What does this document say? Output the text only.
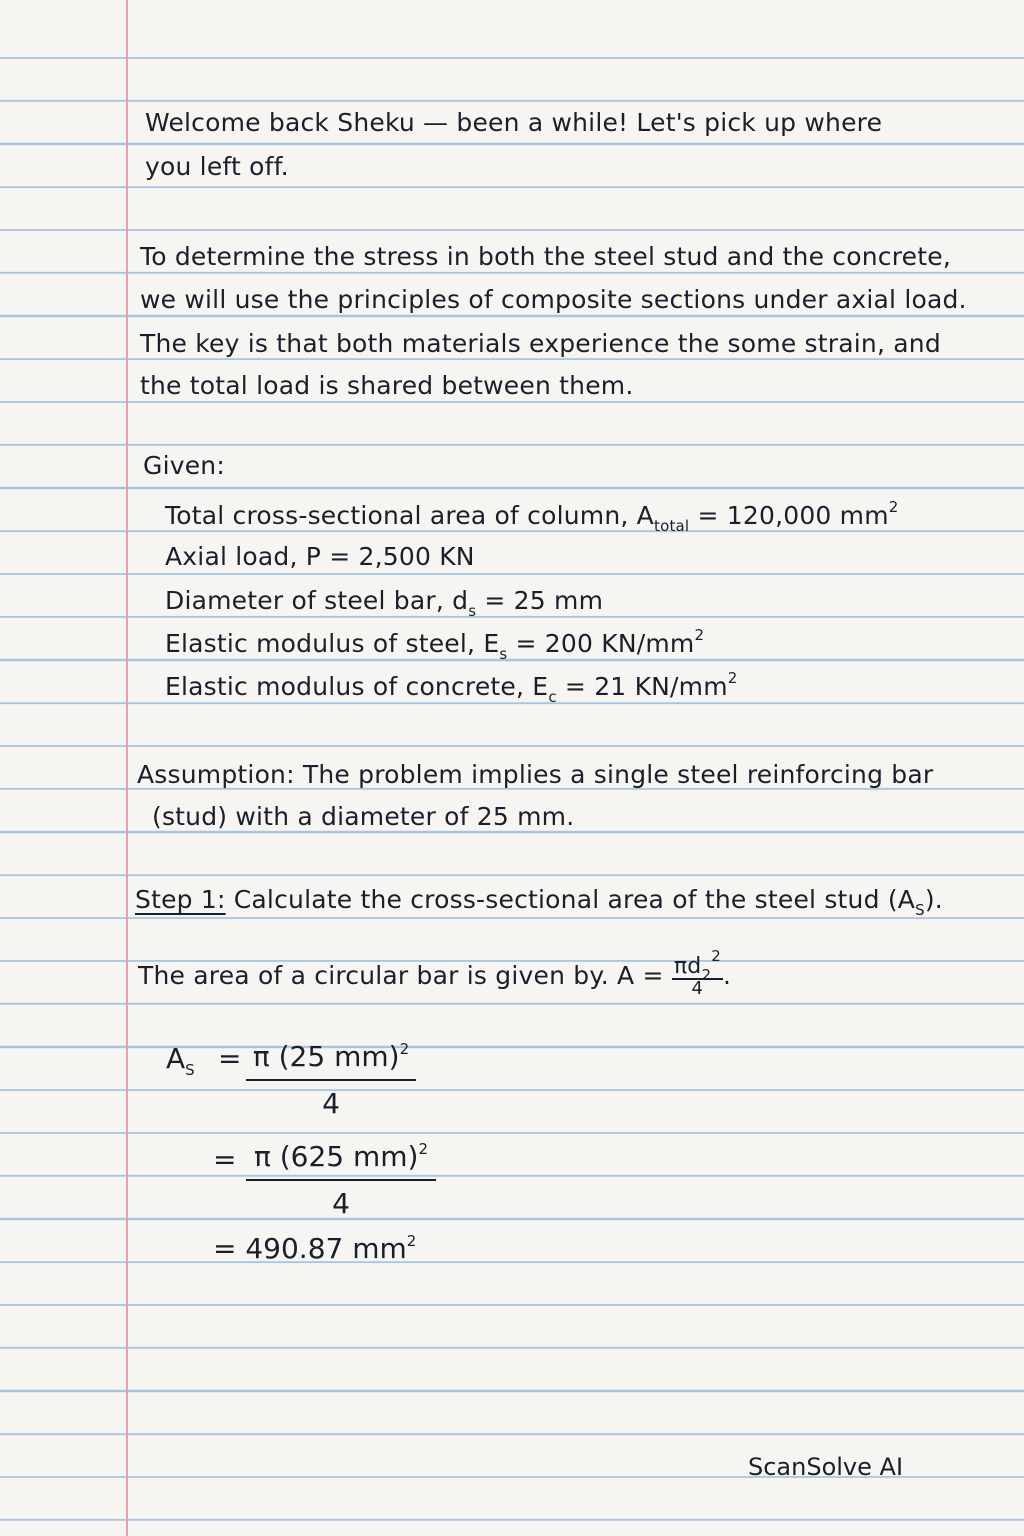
Welcome back Sheku — been a while! Let's pick up where
you left off.
To determine the stress in both the steel stud and the concrete,
we will use the principles of composite sections under axial load.
The key is that both materials experience the some strain, and
the total load is shared between them.
Given:
Total cross-sectional area of column, $A_{total} = 120,000$ $mm^2$
Axial load, P = 2,500 KN
Diameter of steel bar, $d_s = 25$ mm
Elastic modulus of steel, $E_s = 200$ $KN/mm^2$
Elastic modulus of concrete, $E_c = 21$ $KN/mm^2$
Assumption: The problem implies a single steel reinforcing bar
(stud) with a diameter of 25 mm.
Step 1: Calculate the cross-sectional area of the steel stud $(A_S)$.
The area of a circular bar is given by. $A = \frac{\pi d_2^2}{4}$ .
$A_S = \pi$ (25 mm)$^2$
4
= π (625 mm)$^2$
4
= 490.87 $mm^2$
ScanSolve AI
